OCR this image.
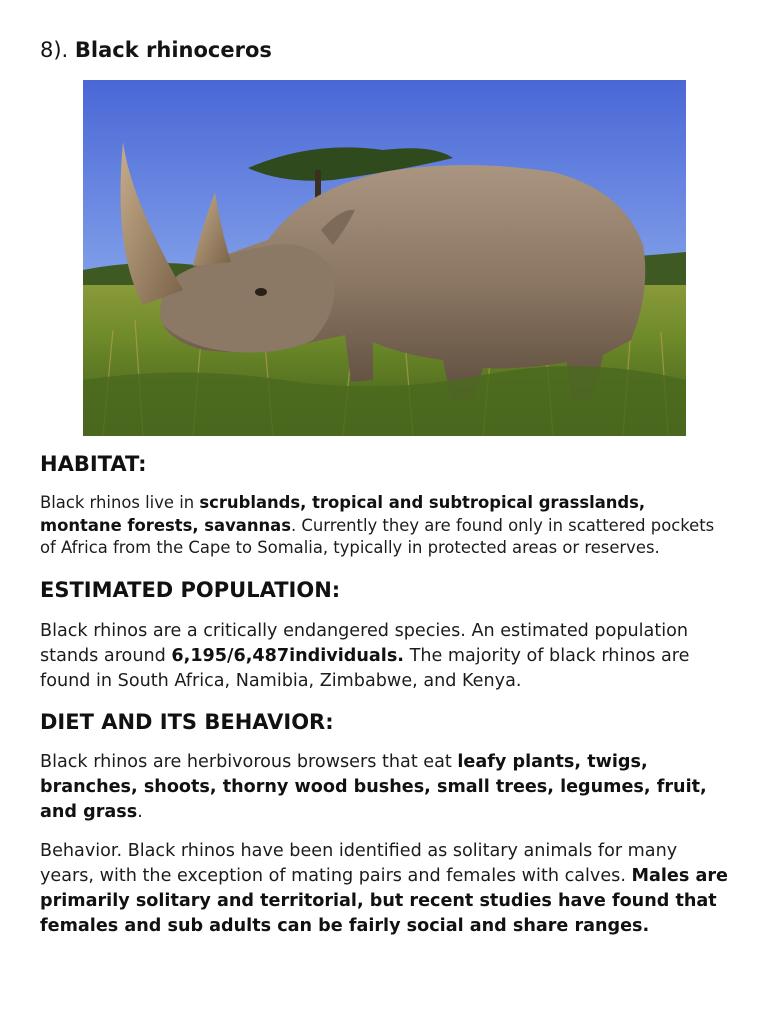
8). Black rhinoceros
HABITAT:

Black rhinos live in scrublands, tropical and subtropical grasslands, montane forests, savannas. Currently they are found only in scattered pockets of Africa from the Cape to Somalia, typically in protected areas or reserves.

ESTIMATED POPULATION:

Black rhinos are a critically endangered species. An estimated population stands around 6,195/6,487individuals. The majority of black rhinos are found in South Africa, Namibia, Zimbabwe, and Kenya.

DIET AND ITS BEHAVIOR:

Black rhinos are herbivorous browsers that eat leafy plants, twigs, branches, shoots, thorny wood bushes, small trees, legumes, fruit, and grass.

Behavior. Black rhinos have been identified as solitary animals for many years, with the exception of mating pairs and females with calves. Males are primarily solitary and territorial, but recent studies have found that females and sub adults can be fairly social and share ranges.
